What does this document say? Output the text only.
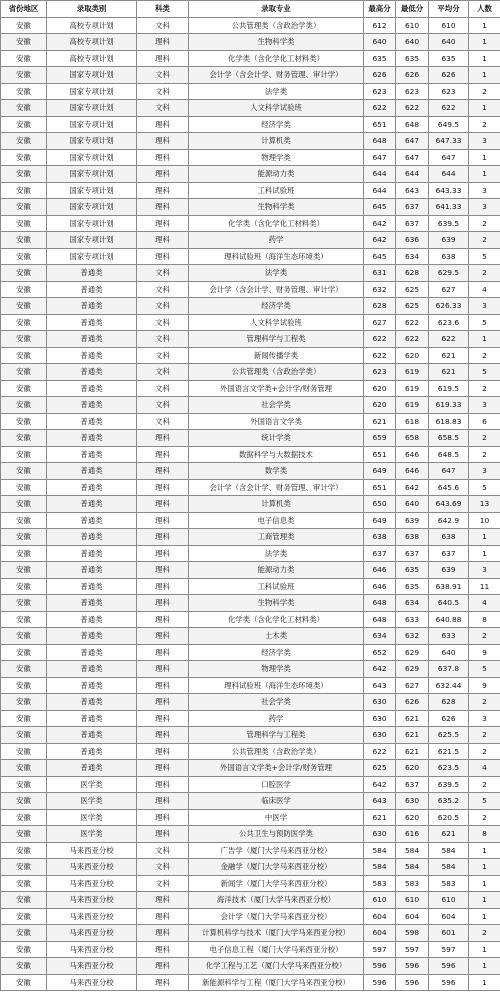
省份地区	录取类别	科类	录取专业	最高分	最低分	平均分	人数
安徽	高校专项计划	文科	公共管理类（含政治学类）	612	610	610	1
安徽	高校专项计划	理科	生物科学类	640	640	640	1
安徽	高校专项计划	理科	化学类（含化学化工材料类）	635	635	635	1
安徽	国家专项计划	文科	会计学（含会计学、财务管理、审计学）	626	626	626	1
安徽	国家专项计划	文科	法学类	623	623	623	2
安徽	国家专项计划	文科	人文科学试验班	622	622	622	1
安徽	国家专项计划	理科	经济学类	651	648	649.5	2
安徽	国家专项计划	理科	计算机类	648	647	647.33	3
安徽	国家专项计划	理科	物理学类	647	647	647	1
安徽	国家专项计划	理科	能源动力类	644	644	644	1
安徽	国家专项计划	理科	工科试验班	644	643	643.33	3
安徽	国家专项计划	理科	生物科学类	645	637	641.33	3
安徽	国家专项计划	理科	化学类（含化学化工材料类）	642	637	639.5	2
安徽	国家专项计划	理科	药学	642	636	639	2
安徽	国家专项计划	理科	理科试验班（海洋生态环境类）	645	634	638	5
安徽	普通类	文科	法学类	631	628	629.5	2
安徽	普通类	文科	会计学（含会计学、财务管理、审计学）	632	625	627	4
安徽	普通类	文科	经济学类	628	625	626.33	3
安徽	普通类	文科	人文科学试验班	627	622	623.6	5
安徽	普通类	文科	管理科学与工程类	622	622	622	1
安徽	普通类	文科	新闻传播学类	622	620	621	2
安徽	普通类	文科	公共管理类（含政治学类）	623	619	621	5
安徽	普通类	文科	外国语言文学类+会计学/财务管理	620	619	619.5	2
安徽	普通类	文科	社会学类	620	619	619.33	3
安徽	普通类	文科	外国语言文学类	621	618	618.83	6
安徽	普通类	理科	统计学类	659	658	658.5	2
安徽	普通类	理科	数据科学与大数据技术	651	646	648.5	2
安徽	普通类	理科	数学类	649	646	647	3
安徽	普通类	理科	会计学（含会计学、财务管理、审计学）	651	642	645.6	5
安徽	普通类	理科	计算机类	650	640	643.69	13
安徽	普通类	理科	电子信息类	649	639	642.9	10
安徽	普通类	理科	工商管理类	638	638	638	1
安徽	普通类	理科	法学类	637	637	637	1
安徽	普通类	理科	能源动力类	646	635	639	3
安徽	普通类	理科	工科试验班	646	635	638.91	11
安徽	普通类	理科	生物科学类	648	634	640.5	4
安徽	普通类	理科	化学类（含化学化工材料类）	648	633	640.88	8
安徽	普通类	理科	土木类	634	632	633	2
安徽	普通类	理科	经济学类	652	629	640	9
安徽	普通类	理科	物理学类	642	629	637.8	5
安徽	普通类	理科	理科试验班（海洋生态环境类）	643	627	632.44	9
安徽	普通类	理科	社会学类	630	626	628	2
安徽	普通类	理科	药学	630	621	626	3
安徽	普通类	理科	管理科学与工程类	630	621	625.5	2
安徽	普通类	理科	公共管理类（含政治学类）	622	621	621.5	2
安徽	普通类	理科	外国语言文学类+会计学/财务管理	625	620	623.5	4
安徽	医学类	理科	口腔医学	642	637	639.5	2
安徽	医学类	理科	临床医学	643	630	635.2	5
安徽	医学类	理科	中医学	621	620	620.5	2
安徽	医学类	理科	公共卫生与预防医学类	630	616	621	8
安徽	马来西亚分校	文科	广告学（厦门大学马来西亚分校）	584	584	584	1
安徽	马来西亚分校	文科	金融学（厦门大学马来西亚分校）	584	584	584	1
安徽	马来西亚分校	文科	新闻学（厦门大学马来西亚分校）	583	583	583	1
安徽	马来西亚分校	理科	海洋技术（厦门大学马来西亚分校）	610	610	610	1
安徽	马来西亚分校	理科	会计学（厦门大学马来西亚分校）	604	604	604	1
安徽	马来西亚分校	理科	计算机科学与技术（厦门大学马来西亚分校）	604	598	601	2
安徽	马来西亚分校	理科	电子信息工程（厦门大学马来西亚分校）	597	597	597	1
安徽	马来西亚分校	理科	化学工程与工艺（厦门大学马来西亚分校）	596	596	596	1
安徽	马来西亚分校	理科	新能源科学与工程（厦门大学马来西亚分校）	596	596	596	1
